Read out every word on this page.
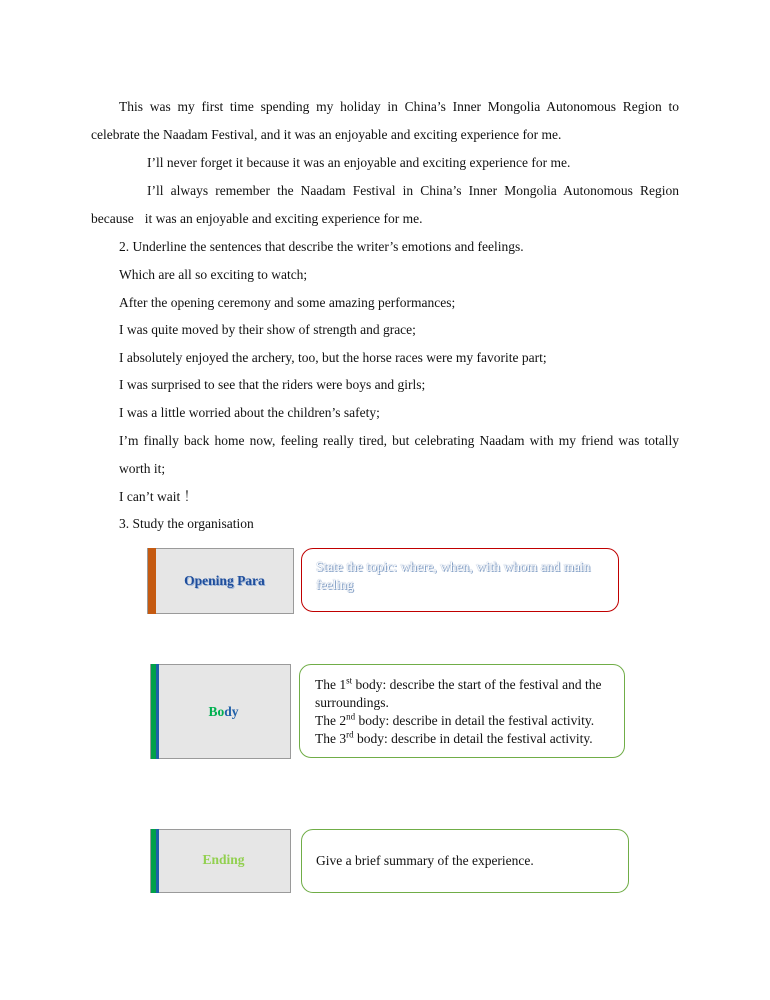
This was my first time spending my holiday in China’s Inner Mongolia Autonomous Region to
celebrate the Naadam Festival, and it was an enjoyable and exciting experience for me.
I’ll never forget it because it was an enjoyable and exciting experience for me.
I’ll always remember the Naadam Festival in China’s Inner Mongolia Autonomous Region
because it was an enjoyable and exciting experience for me.
2. Underline the sentences that describe the writer’s emotions and feelings.
Which are all so exciting to watch;
After the opening ceremony and some amazing performances;
I was quite moved by their show of strength and grace;
I absolutely enjoyed the archery, too, but the horse races were my favorite part;
I was surprised to see that the riders were boys and girls;
I was a little worried about the children’s safety;
I’m finally back home now, feeling really tired, but celebrating Naadam with my friend was totally
worth it;
I can’t wait ！
3. Study the organisation
Opening Para
State the topic: where, when, with whom and main feeling
Body
The 1st body: describe the start of the festival and the
surroundings.
The 2nd body: describe in detail the festival activity.
The 3rd body: describe in detail the festival activity.
Ending	Give a brief summary of the experience.
